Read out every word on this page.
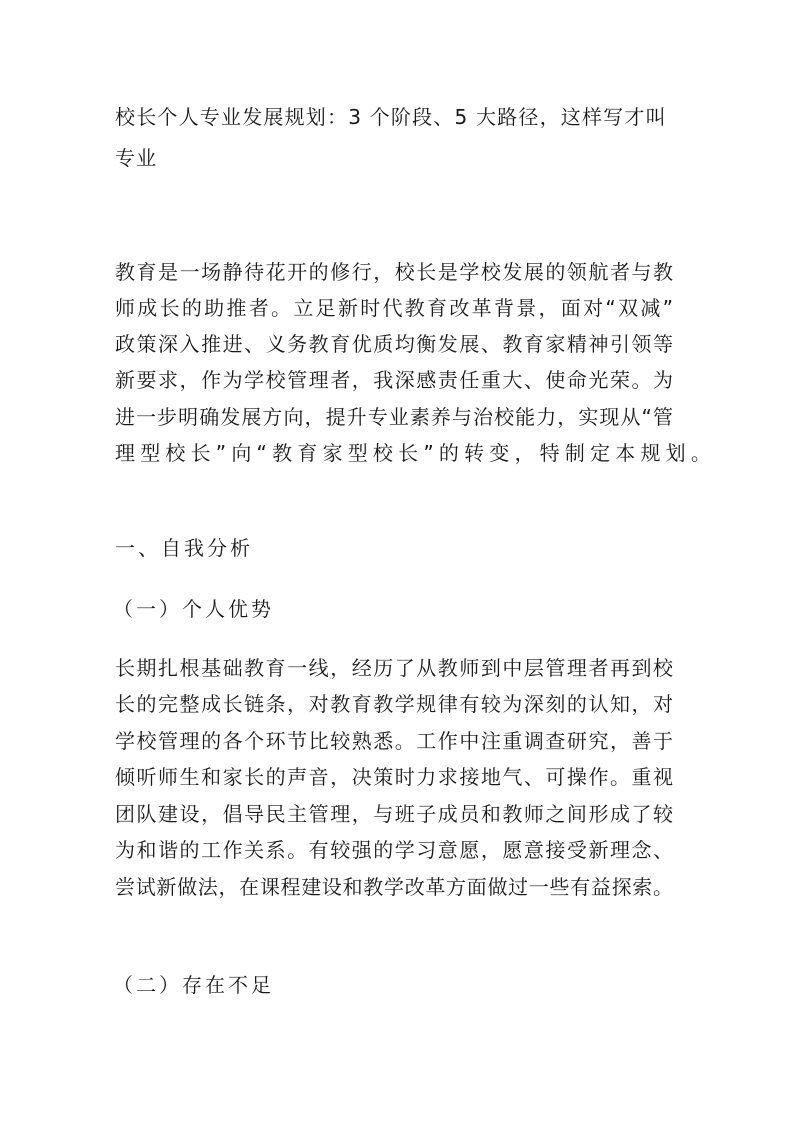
校长个人专业发展规划：3 个阶段、5 大路径，这样写才叫
专业
教育是一场静待花开的修行，校长是学校发展的领航者与教
师成长的助推者。立足新时代教育改革背景，面对“双减”
政策深入推进、义务教育优质均衡发展、教育家精神引领等
新要求，作为学校管理者，我深感责任重大、使命光荣。为
进一步明确发展方向，提升专业素养与治校能力，实现从“管
理型校长”向“教育家型校长”的转变，特制定本规划。
一、自我分析
（一）个人优势
长期扎根基础教育一线，经历了从教师到中层管理者再到校
长的完整成长链条，对教育教学规律有较为深刻的认知，对
学校管理的各个环节比较熟悉。工作中注重调查研究，善于
倾听师生和家长的声音，决策时力求接地气、可操作。重视
团队建设，倡导民主管理，与班子成员和教师之间形成了较
为和谐的工作关系。有较强的学习意愿，愿意接受新理念、
尝试新做法，在课程建设和教学改革方面做过一些有益探索。
（二）存在不足
